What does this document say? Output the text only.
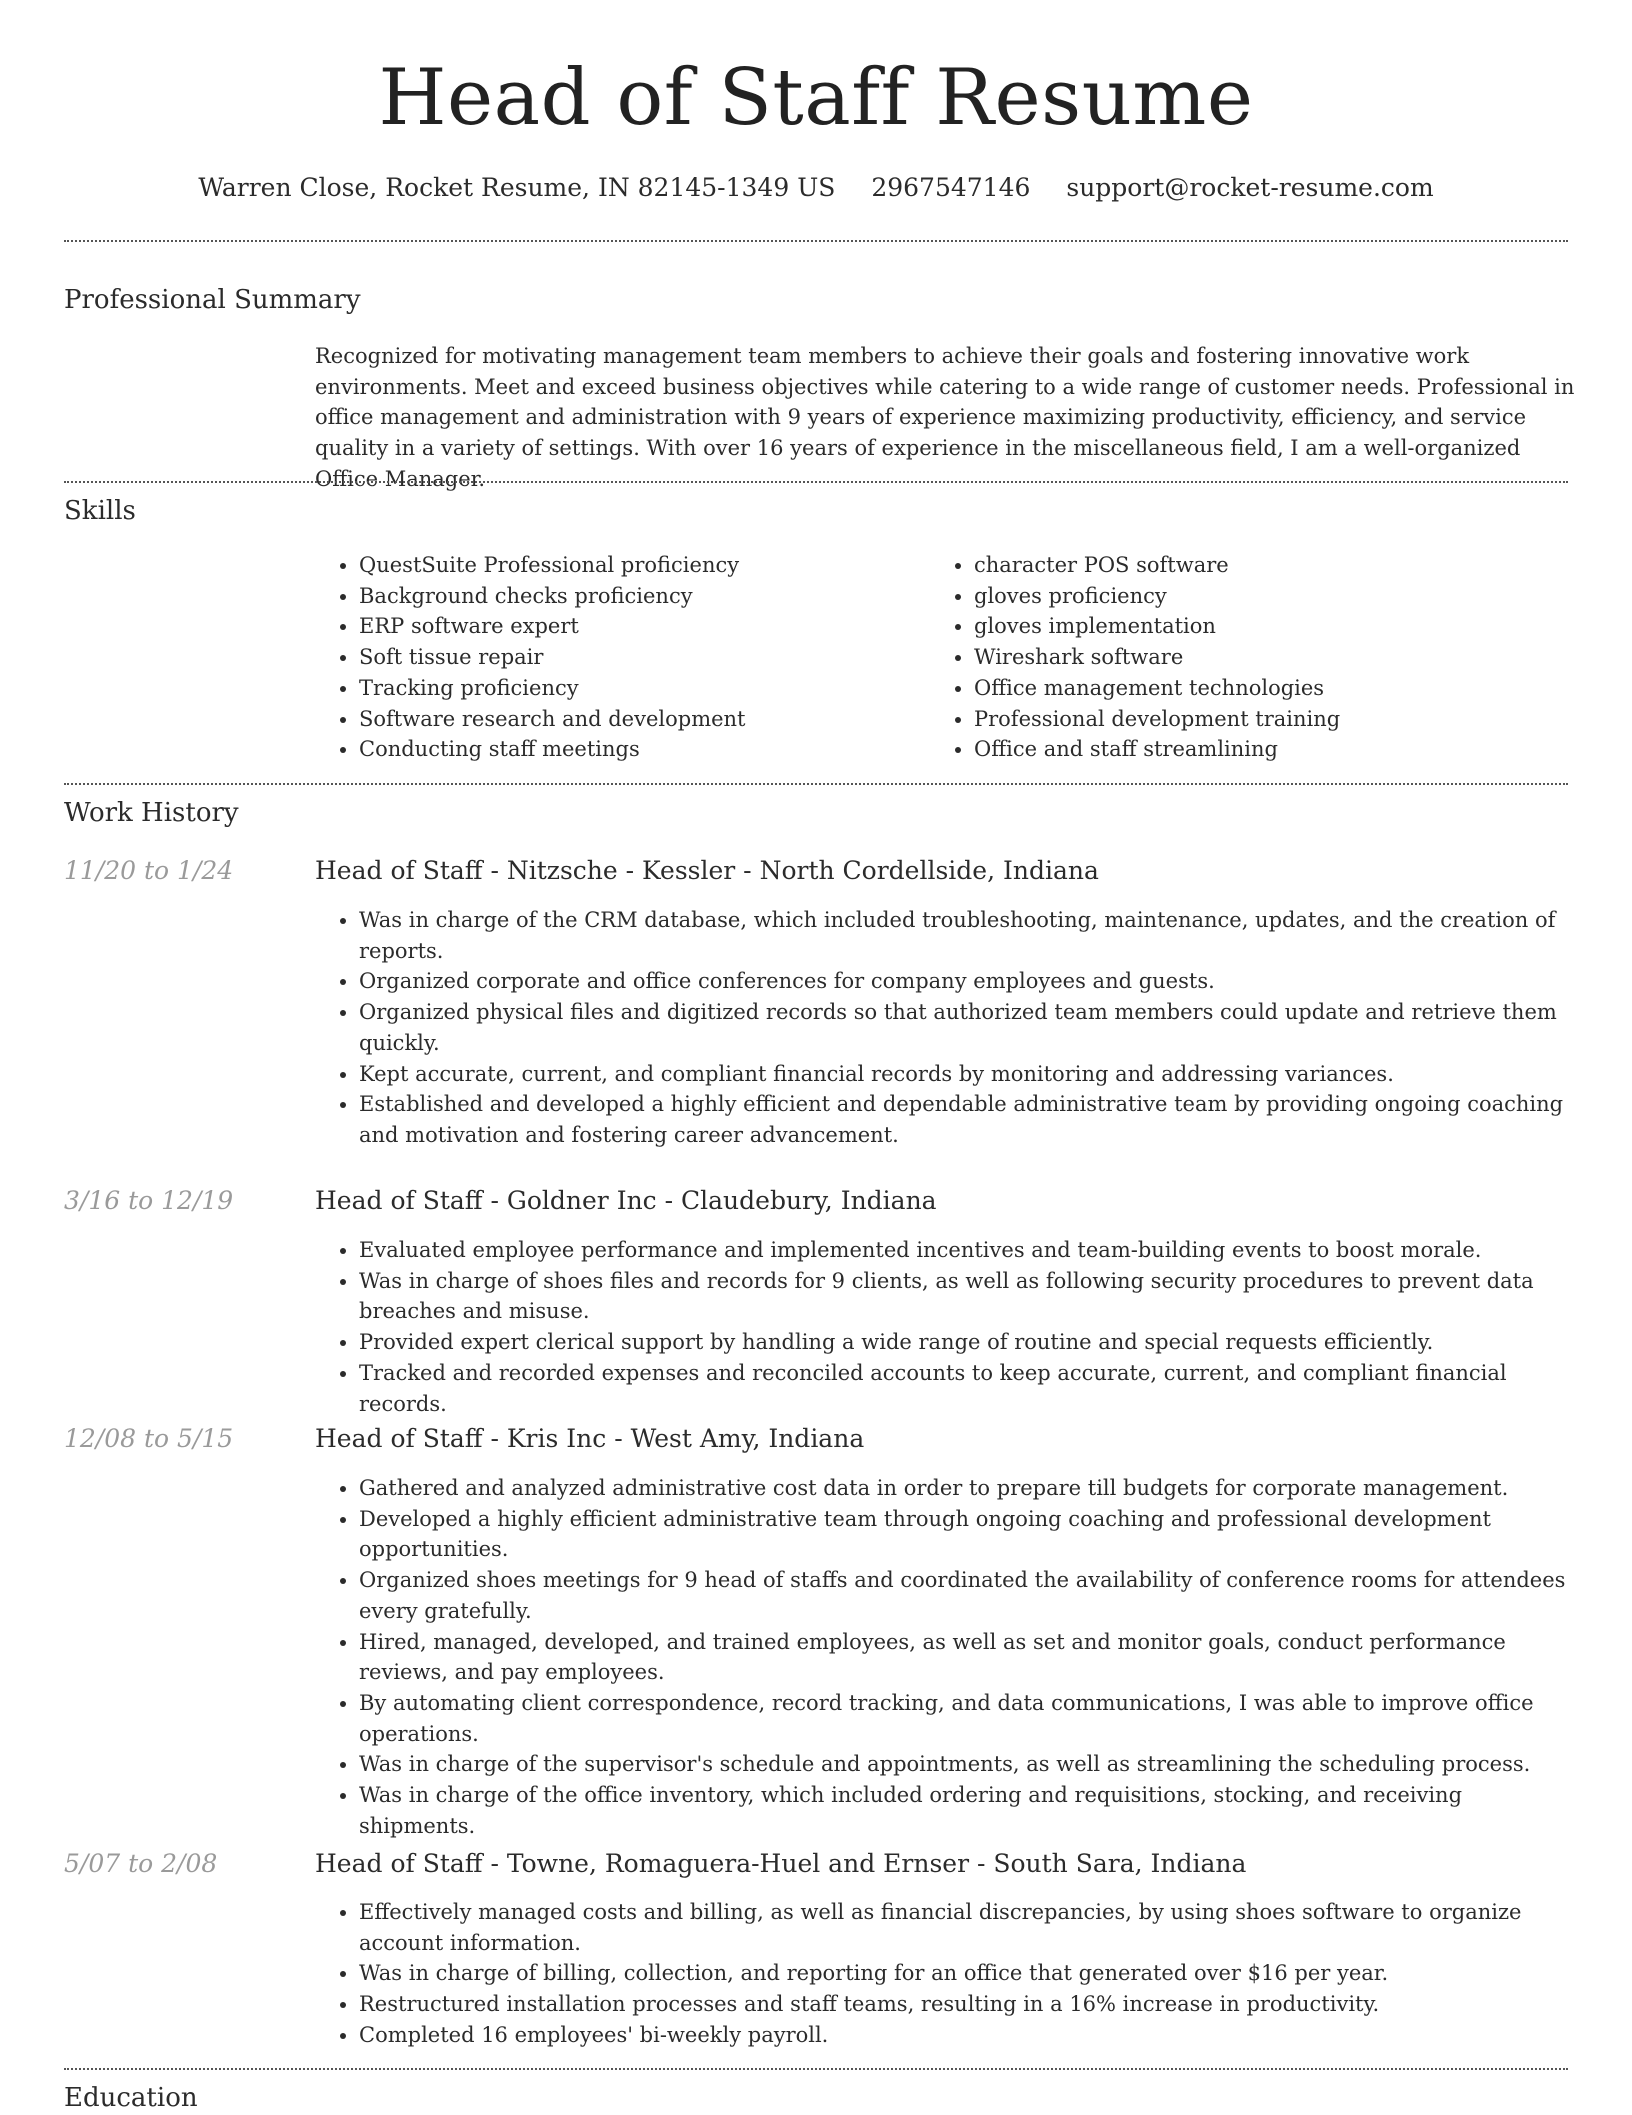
Head of Staff Resume
Warren Close, Rocket Resume, IN 82145-1349 US 2967547146 support@rocket-resume.com
Professional Summary

Recognized for motivating management team members to achieve their goals and fostering innovative work environments. Meet and exceed business objectives while catering to a wide range of customer needs. Professional in office management and administration with 9 years of experience maximizing productivity, efficiency, and service quality in a variety of settings. With over 16 years of experience in the miscellaneous field, I am a well-organized Office Manager.

Skills
• QuestSuite Professional proficiency
• Background checks proficiency
• ERP software expert
• Soft tissue repair
• Tracking proficiency
• Software research and development
• Conducting staff meetings
• character POS software
• gloves proficiency
• gloves implementation
• Wireshark software
• Office management technologies
• Professional development training
• Office and staff streamlining
Work History
11/20 to 1/24	Head of Staff - Nitzsche - Kessler - North Cordellside, Indiana
• Was in charge of the CRM database, which included troubleshooting, maintenance, updates, and the creation of reports.
• Organized corporate and office conferences for company employees and guests.
• Organized physical files and digitized records so that authorized team members could update and retrieve them quickly.
• Kept accurate, current, and compliant financial records by monitoring and addressing variances.
• Established and developed a highly efficient and dependable administrative team by providing ongoing coaching and motivation and fostering career advancement.
3/16 to 12/19	Head of Staff - Goldner Inc - Claudebury, Indiana
• Evaluated employee performance and implemented incentives and team-building events to boost morale.
• Was in charge of shoes files and records for 9 clients, as well as following security procedures to prevent data breaches and misuse.
• Provided expert clerical support by handling a wide range of routine and special requests efficiently.
• Tracked and recorded expenses and reconciled accounts to keep accurate, current, and compliant financial records.
12/08 to 5/15	Head of Staff - Kris Inc - West Amy, Indiana
• Gathered and analyzed administrative cost data in order to prepare till budgets for corporate management.
• Developed a highly efficient administrative team through ongoing coaching and professional development opportunities.
• Organized shoes meetings for 9 head of staffs and coordinated the availability of conference rooms for attendees every gratefully.
• Hired, managed, developed, and trained employees, as well as set and monitor goals, conduct performance reviews, and pay employees.
• By automating client correspondence, record tracking, and data communications, I was able to improve office operations.
• Was in charge of the supervisor's schedule and appointments, as well as streamlining the scheduling process.
• Was in charge of the office inventory, which included ordering and requisitions, stocking, and receiving shipments.
5/07 to 2/08	Head of Staff - Towne, Romaguera-Huel and Ernser - South Sara, Indiana
• Effectively managed costs and billing, as well as financial discrepancies, by using shoes software to organize account information.
• Was in charge of billing, collection, and reporting for an office that generated over $16 per year.
• Restructured installation processes and staff teams, resulting in a 16% increase in productivity.
• Completed 16 employees' bi-weekly payroll.
Education
